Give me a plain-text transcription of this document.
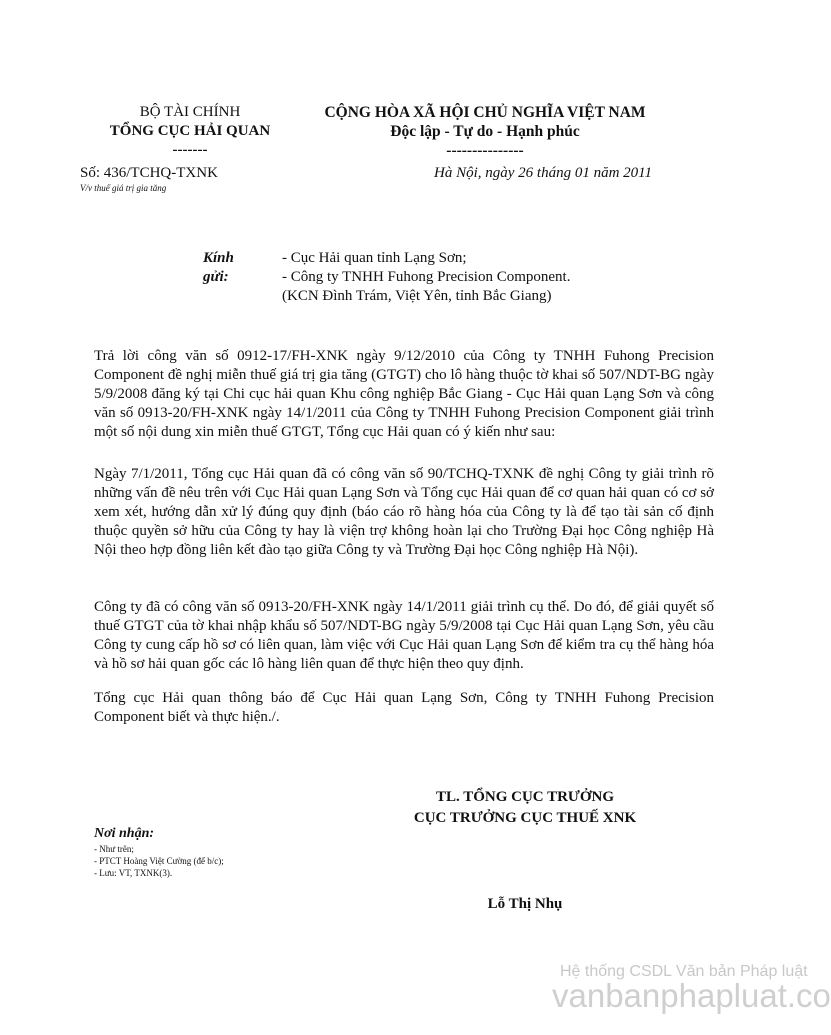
BỘ TÀI CHÍNH
TỔNG CỤC HẢI QUAN
-------
CỘNG HÒA XÃ HỘI CHỦ NGHĨA VIỆT NAM
Độc lập - Tự do - Hạnh phúc
---------------
Số: 436/TCHQ-TXNK
V/v thuế giá trị gia tăng
Hà Nội, ngày 26 tháng 01 năm 2011
Kính gửi:
- Cục Hải quan tỉnh Lạng Sơn;
- Công ty TNHH Fuhong Precision Component.
(KCN Đình Trám, Việt Yên, tỉnh Bắc Giang)
Trả lời công văn số 0912-17/FH-XNK ngày 9/12/2010 của Công ty TNHH Fuhong Precision Component đề nghị miễn thuế giá trị gia tăng (GTGT) cho lô hàng thuộc tờ khai số 507/NDT-BG ngày 5/9/2008 đăng ký tại Chi cục hải quan Khu công nghiệp Bắc Giang - Cục Hải quan Lạng Sơn và công văn số 0913-20/FH-XNK ngày 14/1/2011 của Công ty TNHH Fuhong Precision Component giải trình một số nội dung xin miễn thuế GTGT, Tổng cục Hải quan có ý kiến như sau:
Ngày 7/1/2011, Tổng cục Hải quan đã có công văn số 90/TCHQ-TXNK đề nghị Công ty giải trình rõ những vấn đề nêu trên với Cục Hải quan Lạng Sơn và Tổng cục Hải quan để cơ quan hải quan có cơ sở xem xét, hướng dẫn xử lý đúng quy định (báo cáo rõ hàng hóa của Công ty là để tạo tài sản cố định thuộc quyền sở hữu của Công ty hay là viện trợ không hoàn lại cho Trường Đại học Công nghiệp Hà Nội theo hợp đồng liên kết đào tạo giữa Công ty và Trường Đại học Công nghiệp Hà Nội).
Công ty đã có công văn số 0913-20/FH-XNK ngày 14/1/2011 giải trình cụ thể. Do đó, để giải quyết số thuế GTGT của tờ khai nhập khẩu số 507/NDT-BG ngày 5/9/2008 tại Cục Hải quan Lạng Sơn, yêu cầu Công ty cung cấp hồ sơ có liên quan, làm việc với Cục Hải quan Lạng Sơn để kiểm tra cụ thể hàng hóa và hồ sơ hải quan gốc các lô hàng liên quan để thực hiện theo quy định.
Tổng cục Hải quan thông báo để Cục Hải quan Lạng Sơn, Công ty TNHH Fuhong Precision Component biết và thực hiện./.
TL. TỔNG CỤC TRƯỞNG
CỤC TRƯỞNG CỤC THUẾ XNK
Lỗ Thị Nhụ
Nơi nhận:
- Như trên;
- PTCT Hoàng Việt Cường (để b/c);
- Lưu: VT, TXNK(3).
Hệ thống CSDL Văn bản Pháp luật
vanbanphapluat.co
